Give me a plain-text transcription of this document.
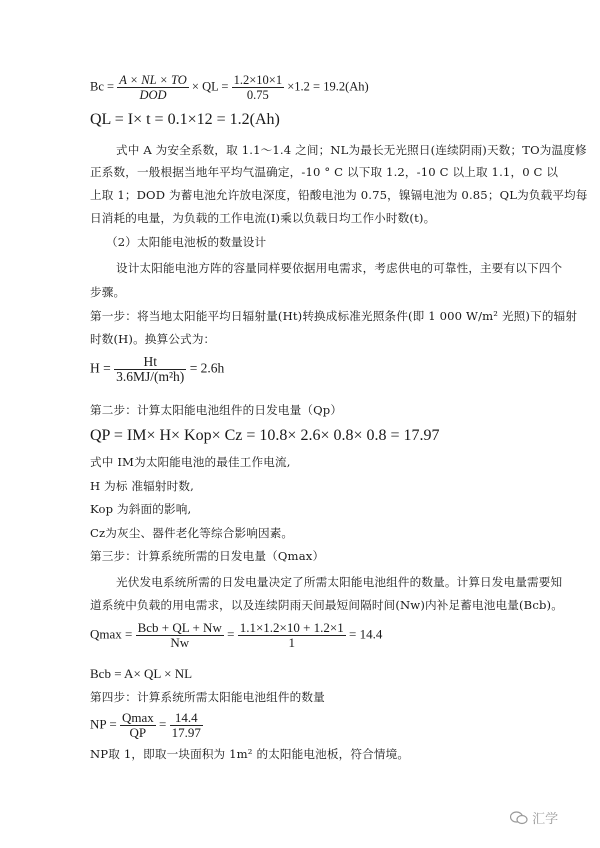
$Bc = \frac{A \times NL \times TO}{\text{DOD}}$ × QL = $\frac{1.2\times 10\times 1}{0.75} \times 1.2 = 19.2(Ah)$
QL = I× t = 0.1×12 = 1.2(Ah)
式中 A 为安全系数，取 1.1～1.4 之间；NL为最长无光照日(连续阴雨)天数；TO为温度修
正系数，一般根据当地年平均气温确定，-10 ° C 以下取 1.2，-10 C 以上取 1.1，0 C 以
上取 1；DOD 为蓄电池允许放电深度，铅酸电池为 0.75，镍镉电池为 0.85；QL为负载平均每
日消耗的电量，为负载的工作电流(I)乘以负载日均工作小时数(t)。
（2）太阳能电池板的数量设计
设计太阳能电池方阵的容量同样要依据用电需求，考虑供电的可靠性，主要有以下四个
步骤。
第一步：将当地太阳能平均日辐射量(Ht)转换成标准光照条件(即 1 000 W/m² 光照)下的辐射
时数(H)。换算公式为：
$H = \frac{Ht}{\text{3.6MJ/(m²h)}} = 2.6h$
第二步：计算太阳能电池组件的日发电量（Qp）
QP = IM× H× Kop× Cz = 10.8× 2.6× 0.8× 0.8 = 17.97
式中 IM为太阳能电池的最佳工作电流,
H 为标 准辐射时数,
Kop 为斜面的影响,
Cz为灰尘、器件老化等综合影响因素。
第三步：计算系统所需的日发电量（Qmax）
光伏发电系统所需的日发电量决定了所需太阳能电池组件的数量。计算日发电量需要知
道系统中负载的用电需求，以及连续阴雨天间最短间隔时间(Nw)内补足蓄电池电量(Bcb)。
$Qmax = \frac{\text{Bcb + QL + Nw}}{Nw} = \frac{1.1\times 1.2\times 10 + 1.2\times 1}{1} = 14.4$
Bcb = A× QL × NL
第四步：计算系统所需太阳能电池组件的数量
NP = $\frac{Qmax}{QP} = \frac{14.4}{17.97}$
NP取 1，即取一块面积为 1m² 的太阳能电池板，符合情境。
汇学
